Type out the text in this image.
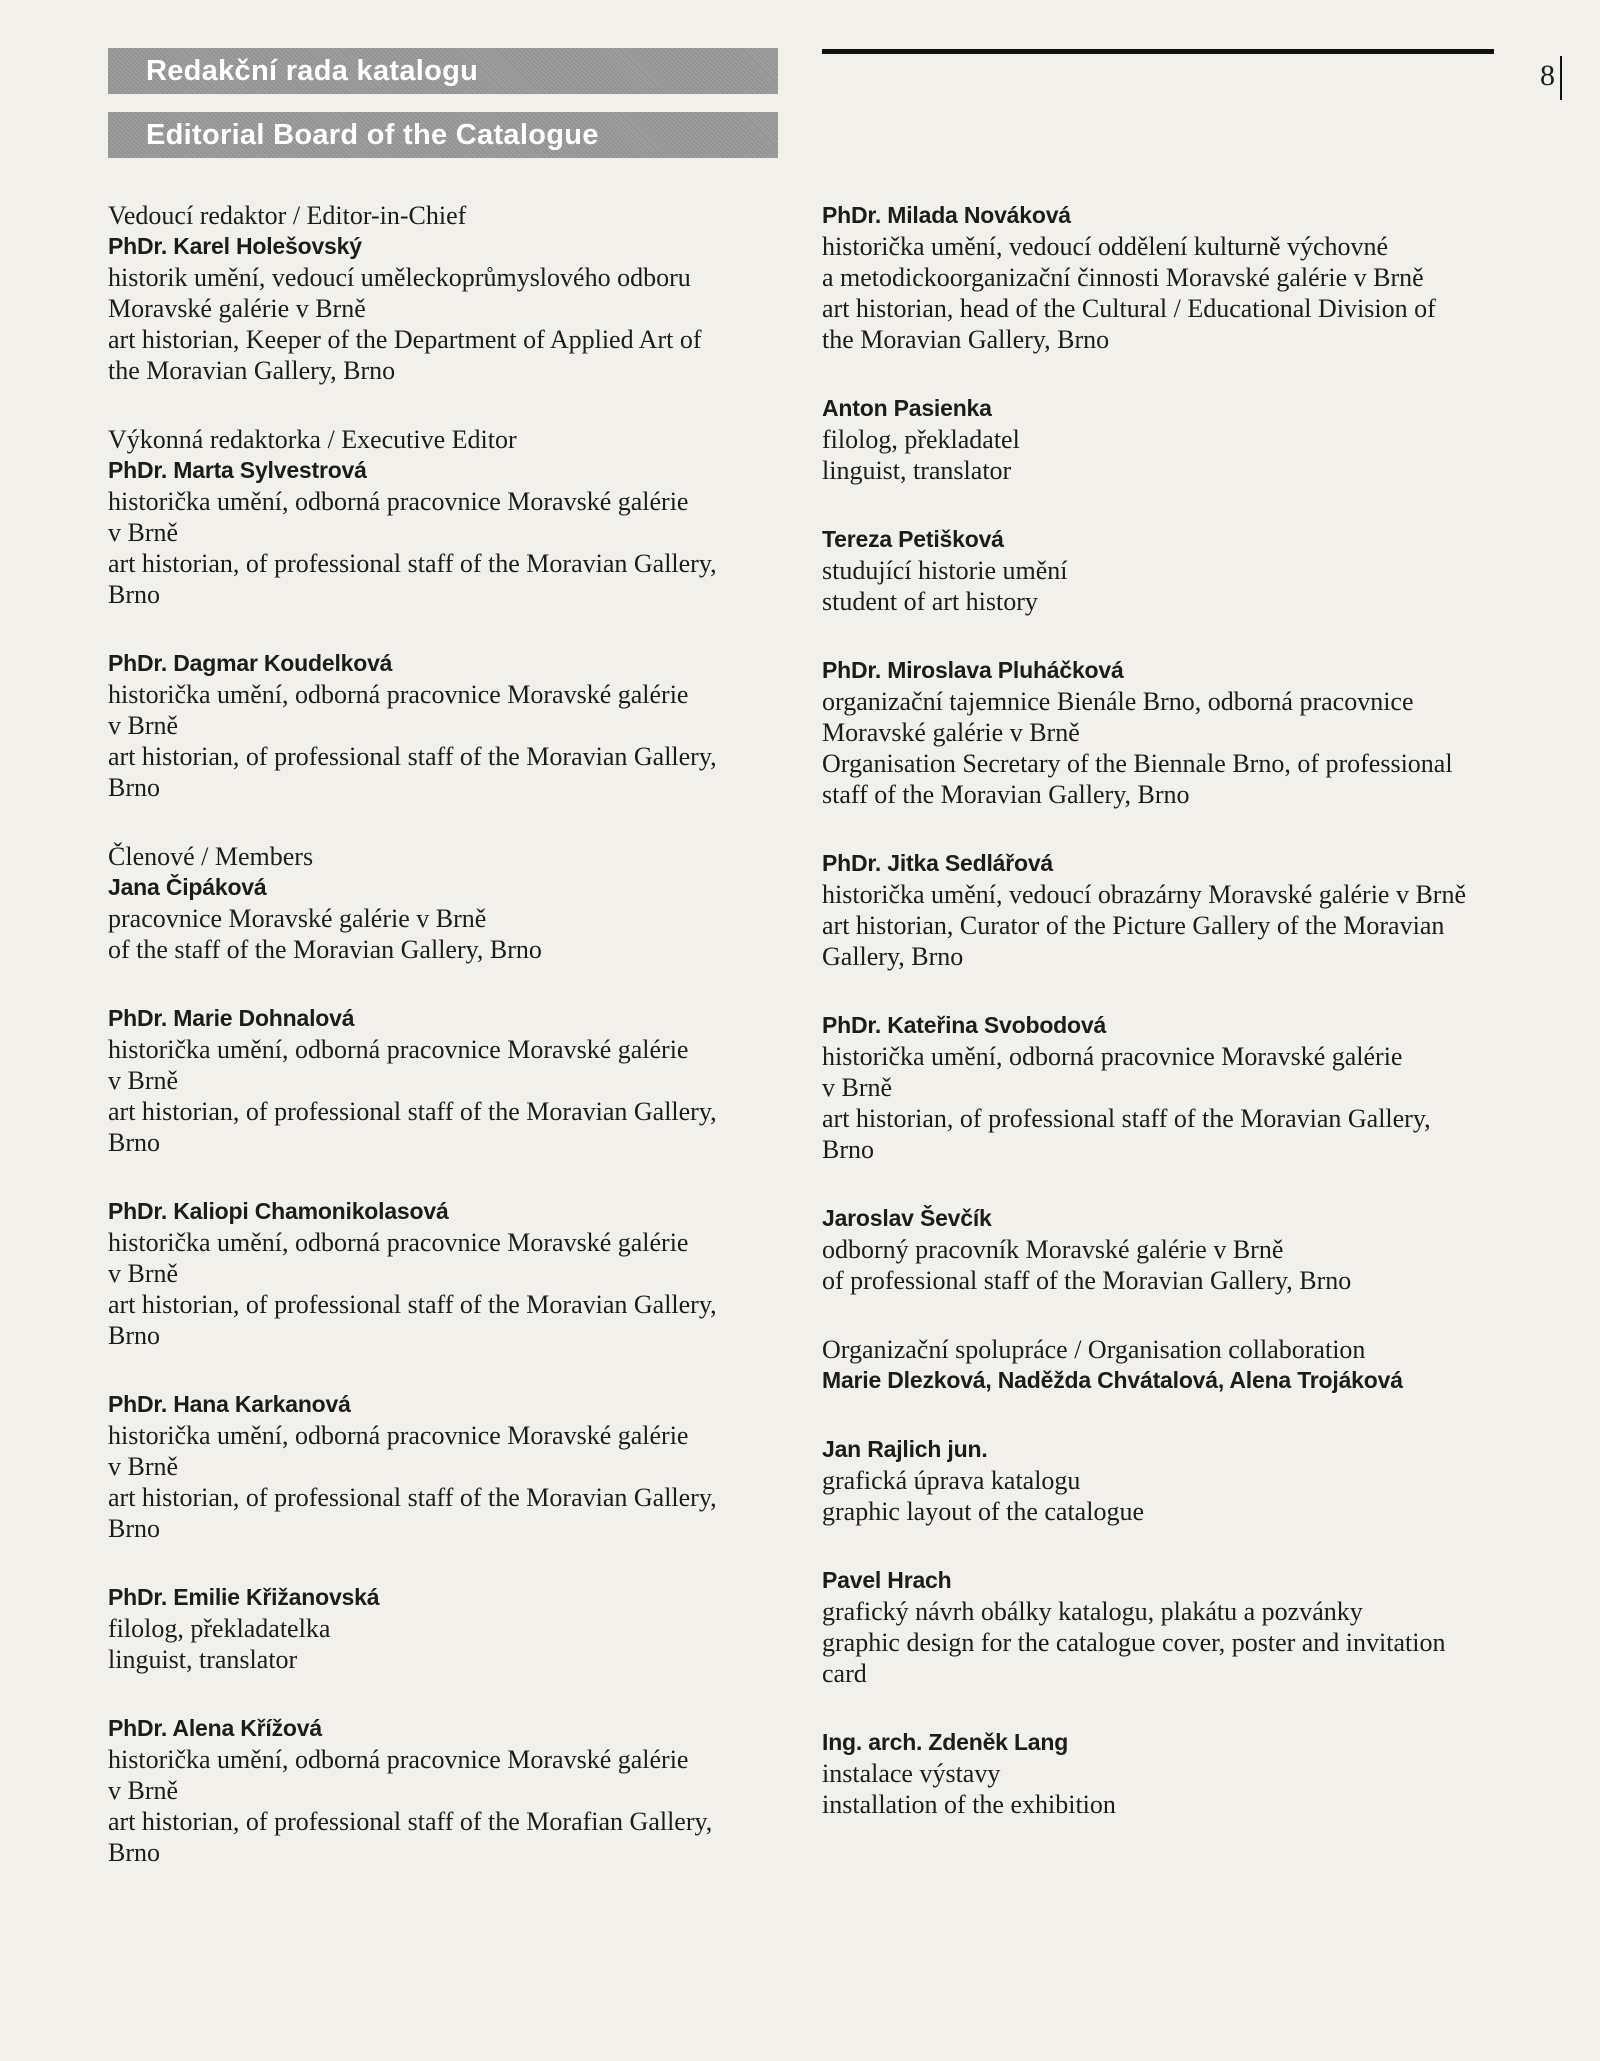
Redakční rada katalogu
Editorial Board of the Catalogue
8
Vedoucí redaktor / Editor-in-Chief
PhDr. Karel Holešovský
historik umění, vedoucí uměleckoprůmyslového odboru
Moravské galérie v Brně
art historian, Keeper of the Department of Applied Art of
the Moravian Gallery, Brno
Výkonná redaktorka / Executive Editor
PhDr. Marta Sylvestrová
historička umění, odborná pracovnice Moravské galérie
v Brně
art historian, of professional staff of the Moravian Gallery,
Brno
PhDr. Dagmar Koudelková
historička umění, odborná pracovnice Moravské galérie
v Brně
art historian, of professional staff of the Moravian Gallery,
Brno
Členové / Members
Jana Čipáková
pracovnice Moravské galérie v Brně
of the staff of the Moravian Gallery, Brno
PhDr. Marie Dohnalová
historička umění, odborná pracovnice Moravské galérie
v Brně
art historian, of professional staff of the Moravian Gallery,
Brno
PhDr. Kaliopi Chamonikolasová
historička umění, odborná pracovnice Moravské galérie
v Brně
art historian, of professional staff of the Moravian Gallery,
Brno
PhDr. Hana Karkanová
historička umění, odborná pracovnice Moravské galérie
v Brně
art historian, of professional staff of the Moravian Gallery,
Brno
PhDr. Emilie Křižanovská
filolog, překladatelka
linguist, translator
PhDr. Alena Křížová
historička umění, odborná pracovnice Moravské galérie
v Brně
art historian, of professional staff of the Morafian Gallery,
Brno
PhDr. Milada Nováková
historička umění, vedoucí oddělení kulturně výchovné
a metodickoorganizační činnosti Moravské galérie v Brně
art historian, head of the Cultural / Educational Division of
the Moravian Gallery, Brno
Anton Pasienka
filolog, překladatel
linguist, translator
Tereza Petišková
studující historie umění
student of art history
PhDr. Miroslava Pluháčková
organizační tajemnice Bienále Brno, odborná pracovnice
Moravské galérie v Brně
Organisation Secretary of the Biennale Brno, of professional
staff of the Moravian Gallery, Brno
PhDr. Jitka Sedlářová
historička umění, vedoucí obrazárny Moravské galérie v Brně
art historian, Curator of the Picture Gallery of the Moravian
Gallery, Brno
PhDr. Kateřina Svobodová
historička umění, odborná pracovnice Moravské galérie
v Brně
art historian, of professional staff of the Moravian Gallery,
Brno
Jaroslav Ševčík
odborný pracovník Moravské galérie v Brně
of professional staff of the Moravian Gallery, Brno
Organizační spolupráce / Organisation collaboration
Marie Dlezková, Naděžda Chvátalová, Alena Trojáková
Jan Rajlich jun.
grafická úprava katalogu
graphic layout of the catalogue
Pavel Hrach
grafický návrh obálky katalogu, plakátu a pozvánky
graphic design for the catalogue cover, poster and invitation
card
Ing. arch. Zdeněk Lang
instalace výstavy
installation of the exhibition
